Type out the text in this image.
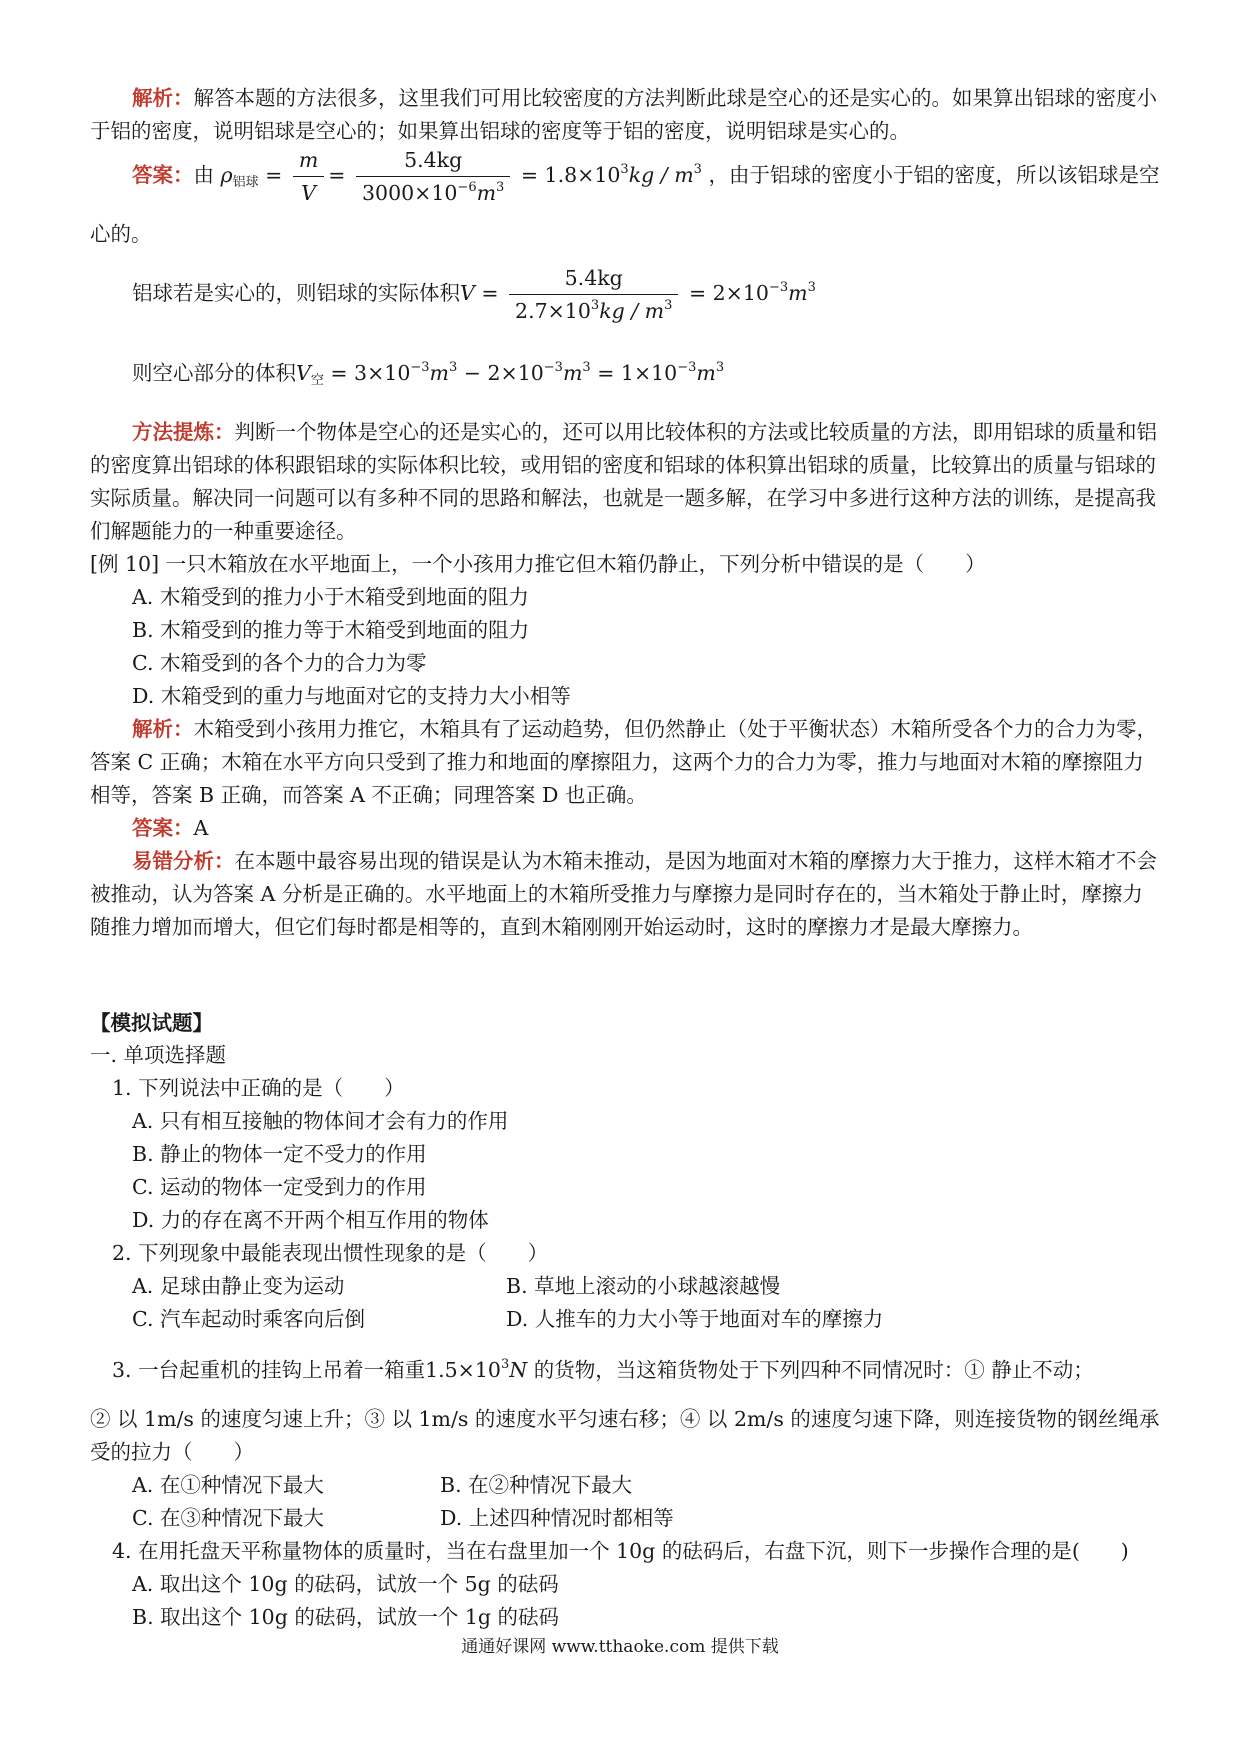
解析：解答本题的方法很多，这里我们可用比较密度的方法判断此球是空心的还是实心的。如果算出铝球的密度小于铝的密度，说明铝球是空心的；如果算出铝球的密度等于铝的密度，说明铝球是实心的。

答案：由 $\rho_{铝球} = \frac{m}{V} = \frac{5.4kg}{3000\times 10^{-6}m^3} = 1.8\times 10^3kg / m^3$ ，由于铝球的密度小于铝的密度，所以该铝球是空

心的。

铝球若是实心的，则铝球的实际体积$V = \frac{5.4kg}{2.7\times 10^3kg / m^3} = 2\times 10^{-3}m^3$
则空心部分的体积$V_空 = 3\times 10^{-3}m^3 - 2\times 10^{-3}m^3 = 1\times 10^{-3}m^3$

方法提炼：判断一个物体是空心的还是实心的，还可以用比较体积的方法或比较质量的方法，即用铝球的质量和铝的密度算出铝球的体积跟铝球的实际体积比较，或用铝的密度和铝球的体积算出铝球的质量，比较算出的质量与铝球的实际质量。解决同一问题可以有多种不同的思路和解法，也就是一题多解，在学习中多进行这种方法的训练，是提高我们解题能力的一种重要途径。

[例 10] 一只木箱放在水平地面上，一个小孩用力推它但木箱仍静止，下列分析中错误的是（　　）

A. 木箱受到的推力小于木箱受到地面的阻力

B. 木箱受到的推力等于木箱受到地面的阻力

C. 木箱受到的各个力的合力为零

D. 木箱受到的重力与地面对它的支持力大小相等

解析：木箱受到小孩用力推它，木箱具有了运动趋势，但仍然静止（处于平衡状态）木箱所受各个力的合力为零，答案 C 正确；木箱在水平方向只受到了推力和地面的摩擦阻力，这两个力的合力为零，推力与地面对木箱的摩擦阻力相等，答案 B 正确，而答案 A 不正确；同理答案 D 也正确。

答案：A

易错分析：在本题中最容易出现的错误是认为木箱未推动，是因为地面对木箱的摩擦力大于推力，这样木箱才不会被推动，认为答案 A 分析是正确的。水平地面上的木箱所受推力与摩擦力是同时存在的，当木箱处于静止时，摩擦力随推力增加而增大，但它们每时都是相等的，直到木箱刚刚开始运动时，这时的摩擦力才是最大摩擦力。

【模拟试题】

一. 单项选择题

1. 下列说法中正确的是（　　）

A. 只有相互接触的物体间才会有力的作用

B. 静止的物体一定不受力的作用

C. 运动的物体一定受到力的作用

D. 力的存在离不开两个相互作用的物体

2. 下列现象中最能表现出惯性现象的是（　　）

A. 足球由静止变为运动	B. 草地上滚动的小球越滚越慢

C. 汽车起动时乘客向后倒	D. 人推车的力大小等于地面对车的摩擦力

3. 一台起重机的挂钩上吊着一箱重$1.5\times 10^3N$ 的货物，当这箱货物处于下列四种不同情况时：① 静止不动；

② 以 1m/s 的速度匀速上升；③ 以 1m/s 的速度水平匀速右移；④ 以 2m/s 的速度匀速下降，则连接货物的钢丝绳承受的拉力（　　）

A. 在①种情况下最大	B. 在②种情况下最大

C. 在③种情况下最大	D. 上述四种情况时都相等

4. 在用托盘天平称量物体的质量时，当在右盘里加一个 10g 的砝码后，右盘下沉，则下一步操作合理的是(　　)

A. 取出这个 10g 的砝码，试放一个 5g 的砝码

B. 取出这个 10g 的砝码，试放一个 1g 的砝码

通通好课网 www.tthaoke.com 提供下载
